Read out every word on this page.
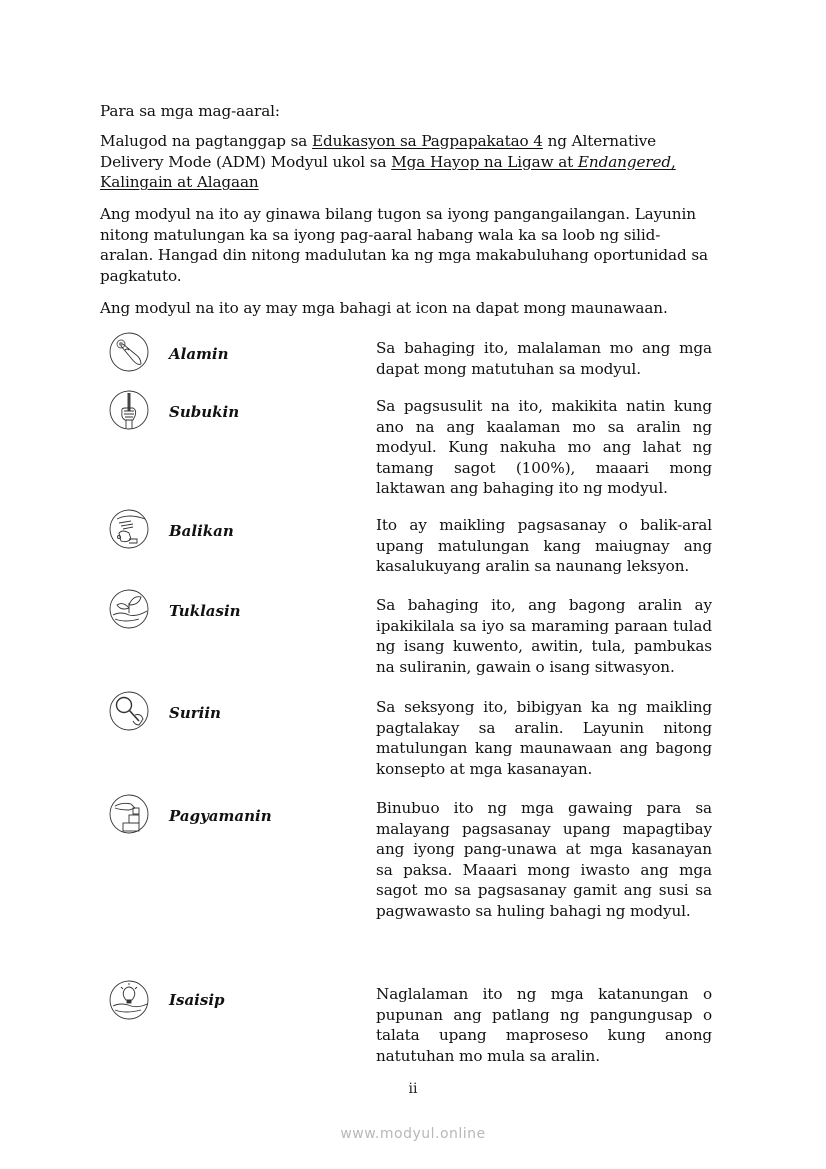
Para sa mga mag-aaral:

Malugod na pagtanggap sa Edukasyon sa Pagpapakatao 4 ng Alternative Delivery Mode (ADM) Modyul ukol sa Mga Hayop na Ligaw at Endangered, Kalingain at Alagaan

Ang modyul na ito ay ginawa bilang tugon sa iyong pangangailangan. Layunin nitong matulungan ka sa iyong pag-aaral habang wala ka sa loob ng silid-aralan. Hangad din nitong madulutan ka ng mga makabuluhang oportunidad sa pagkatuto.

Ang modyul na ito ay may mga bahagi at icon na dapat mong maunawaan.

Alamin	Sa bahaging ito, malalaman mo ang mga dapat mong matutuhan sa modyul.
Subukin	Sa pagsusulit na ito, makikita natin kung ano na ang kaalaman mo sa aralin ng modyul. Kung nakuha mo ang lahat ng tamang sagot (100%), maaari mong laktawan ang bahaging ito ng modyul.
Balikan	Ito ay maikling pagsasanay o balik-aral upang matulungan kang maiugnay ang kasalukuyang aralin sa naunang leksyon.
Tuklasin	Sa bahaging ito, ang bagong aralin ay ipakikilala sa iyo sa maraming paraan tulad ng isang kuwento, awitin, tula, pambukas na suliranin, gawain o isang sitwasyon.
Suriin	Sa seksyong ito, bibigyan ka ng maikling pagtalakay sa aralin. Layunin nitong matulungan kang maunawaan ang bagong konsepto at mga kasanayan.
Pagyamanin	Binubuo ito ng mga gawaing para sa malayang pagsasanay upang mapagtibay ang iyong pang-unawa at mga kasanayan sa paksa. Maaari mong iwasto ang mga sagot mo sa pagsasanay gamit ang susi sa pagwawasto sa huling bahagi ng modyul.
Isaisip	Naglalaman ito ng mga katanungan o pupunan ang patlang ng pangungusap o talata upang maproseso kung anong natutuhan mo mula sa aralin.
ii
www.modyul.online
